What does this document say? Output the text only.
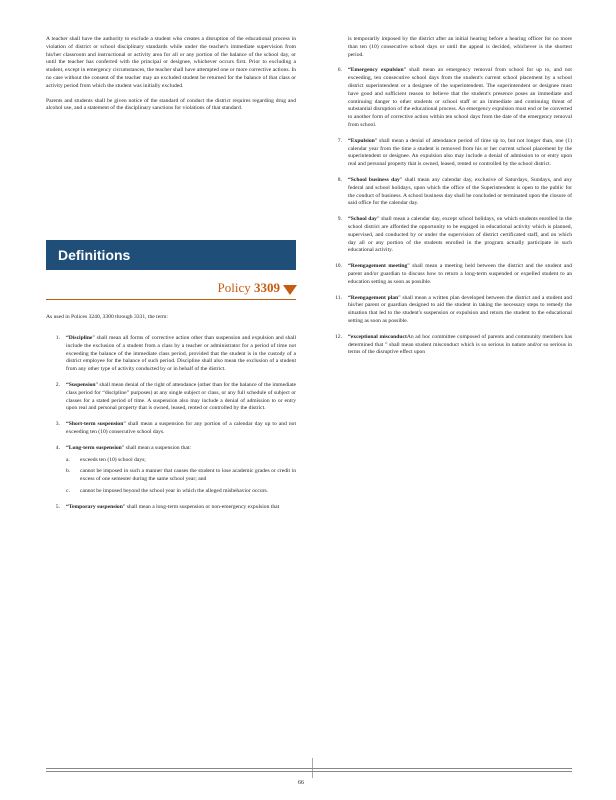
A teacher shall have the authority to exclude a student who creates a disruption of the educational process in violation of district or school disciplinary standards while under the teacher's immediate supervision from his/her classroom and instructional or activity area for all or any portion of the balance of the school day, or until the teacher has conferred with the principal or designee, whichever occurs first. Prior to excluding a student, except in emergency circumstances, the teacher shall have attempted one or more corrective actions. In no case without the consent of the teacher may an excluded student be returned for the balance of that class or activity period from which the student was initially excluded.

Parents and students shall be given notice of the standard of conduct the district requires regarding drug and alcohol use, and a statement of the disciplinary sanctions for violations of that standard.

Definitions
Policy 3309
As used in Polices 3240, 3300 through 3331, the term:
1.	“Discipline” shall mean all forms of corrective action other than suspension and expulsion and shall include the exclusion of a student from a class by a teacher or administrator for a period of time not exceeding the balance of the immediate class period, provided that the student is in the custody of a district employee for the balance of such period. Discipline shall also mean the exclusion of a student from any other type of activity conducted by or in behalf of the district.
2.	“Suspension” shall mean denial of the right of attendance (other than for the balance of the immediate class period for “discipline” purposes) at any single subject or class, or any full schedule of subject or classes for a stated period of time. A suspension also may include a denial of admission to or entry upon real and personal property that is owned, leased, rented or controlled by the district.
3.	“Short-term suspension” shall mean a suspension for any portion of a calendar day up to and not exceeding ten (10) consecutive school days.
4.	“Long-term suspension” shall mean a suspension that:
a.	exceeds ten (10) school days;
b.	cannot be imposed in such a manner that causes the student to lose academic grades or credit in excess of one semester during the same school year; and
c.	cannot be imposed beyond the school year in which the alleged misbehavior occurs.
5.	“Temporary suspension” shall mean a long-term suspension or non-emergency expulsion that
is temporarily imposed by the district after an initial hearing before a hearing officer for no more than ten (10) consecutive school days or until the appeal is decided, whichever is the shortest period.
6.	“Emergency expulsion” shall mean an emergency removal from school for up to, and not exceeding, ten consecutive school days from the student's current school placement by a school district superintendent or a designee of the superintendent. The superintendent or designee must have good and sufficient reason to believe that the student's presence poses an immediate and continuing danger to other students or school staff or an immediate and continuing threat of substantial disruption of the educational process. An emergency expulsion must end or be converted to another form of corrective action within ten school days from the date of the emergency removal from school.
7.	“Expulsion” shall mean a denial of attendance period of time up to, but not longer than, one (1) calendar year from the time a student is removed from his or her current school placement by the superintendent or designee. An expulsion also may include a denial of admission to or entry upon real and personal property that is owned, leased, rented or controlled by the school district.
8.	“School business day” shall mean any calendar day, exclusive of Saturdays, Sundays, and any federal and school holidays, upon which the office of the Superintendent is open to the public for the conduct of business. A school business day shall be concluded or terminated upon the closure of said office for the calendar day.
9.	“School day” shall mean a calendar day, except school holidays, on which students enrolled in the school district are afforded the opportunity to be engaged in educational activity which is planned, supervised, and conducted by or under the supervision of district certificated staff, and on which day all or any portion of the students enrolled in the program actually participate in such educational activity.
10.	“Reengagement meeting” shall mean a meeting held between the district and the student and parent and/or guardian to discuss how to return a long-term suspended or expelled student to an education setting as soon as possible.
11.	“Reengagement plan” shall mean a written plan developed between the district and a student and his/her parent or guardian designed to aid the student in taking the necessary steps to remedy the situation that led to the student's suspension or expulsion and return the student to the educational setting as soon as possible.
12.	“exceptional misconductAn ad hoc committee composed of parents and community members has determined that ” shall mean student misconduct which is so serious in nature and/or so serious in terms of the disruptive effect upon
66
